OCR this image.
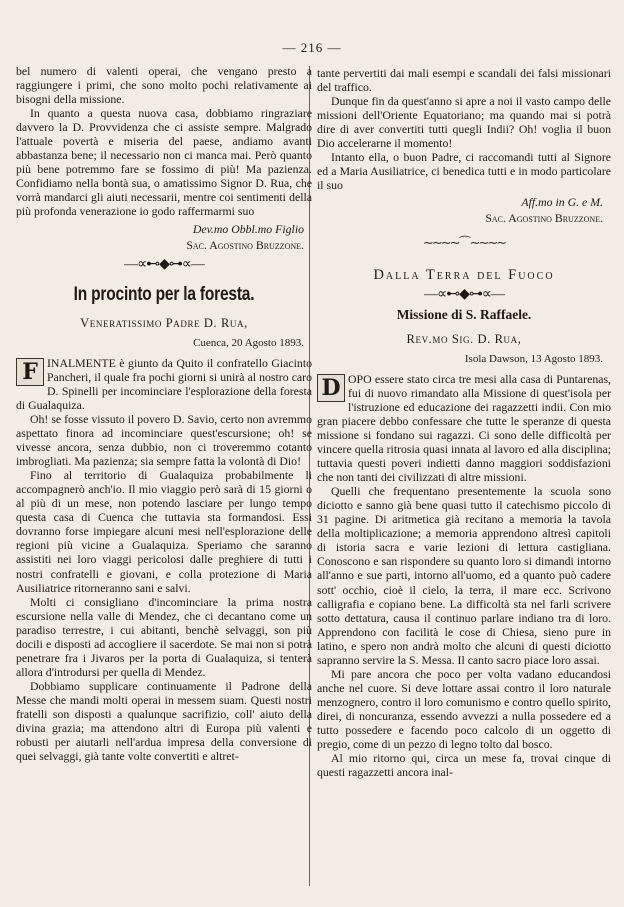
— 216 —

bel numero di valenti operai, che vengano presto a raggiungere i primi, che sono molto pochi relativamente ai bisogni della missione.

In quanto a questa nuova casa, dobbiamo ringraziare davvero la D. Provvidenza che ci assiste sempre. Malgrado l'attuale povertà e miseria del paese, andiamo avanti abbastanza bene; il necessario non ci manca mai. Però quanto più bene potremmo fare se fossimo di più! Ma pazienza. Confidiamo nella bontà sua, o amatissimo Signor D. Rua, che vorrà mandarci gli aiuti necessarii, mentre coi sentimenti della più profonda venerazione io godo raffermarmi suo

Dev.mo Obbl.mo Figlio
Sac. Agostino Bruzzone.
—∝⊷◆⊶∝—
In procinto per la foresta.
Veneratissimo Padre D. Rua,
Cuenca, 20 Agosto 1893.

F INALMENTE è giunto da Quito il confratello Giacinto Pancheri, il quale fra pochi giorni si unirà al nostro caro D. Spinelli per incominciare l'esplorazione della foresta di Gualaquiza.

Oh! se fosse vissuto il povero D. Savio, certo non avremmo aspettato finora ad incominciare quest'escursione; oh! se vivesse ancora, senza dubbio, non ci troveremmo cotanto imbrogliati. Ma pazienza; sia sempre fatta la volontà di Dio!

Fino al territorio di Gualaquiza probabilmente li accompagnerò anch'io. Il mio viaggio però sarà di 15 giorni o al più di un mese, non potendo lasciare per lungo tempo questa casa di Cuenca che tuttavia sta formandosi. Essi dovranno forse impiegare alcuni mesi nell'esplorazione delle regioni più vicine a Gualaquiza. Speriamo che saranno assistiti nei loro viaggi pericolosi dalle preghiere di tutti i nostri confratelli e giovani, e colla protezione di Maria Ausiliatrice ritorneranno sani e salvi.

Molti ci consigliano d'incominciare la prima nostra escursione nella valle di Mendez, che ci decantano come un paradiso terrestre, i cui abitanti, benchè selvaggi, son più docili e disposti ad accogliere il sacerdote. Se mai non si potrà penetrare fra i Jivaros per la porta di Gualaquiza, si tenterà allora d'introdursi per quella di Mendez.

Dobbiamo supplicare continuamente il Padrone della Messe che mandi molti operai in messem suam. Questi nostri fratelli son disposti a qualunque sacrifizio, coll' aiuto della divina grazia; ma attendono altri di Europa più valenti e robusti per aiutarli nell'ardua impresa della conversione di quei selvaggi, già tante volte convertiti e altret-

tante pervertiti dai mali esempi e scandali dei falsi missionari del traffico.

Dunque fin da quest'anno si apre a noi il vasto campo delle missioni dell'Oriente Equatoriano; ma quando mai si potrà dire di aver convertiti tutti quegli Indii? Oh! voglia il buon Dio accelerarne il momento!

Intanto ella, o buon Padre, ci raccomandi tutti al Signore ed a Maria Ausiliatrice, ci benedica tutti e in modo particolare il suo

Aff.mo in G. e M.
Sac. Agostino Bruzzone.
∼∼∼∼⌒∼∼∼∼
Dalla Terra del Fuoco
—∝⊷◆⊶∝—
Missione di S. Raffaele.
Rev.mo Sig. D. Rua,
Isola Dawson, 13 Agosto 1893.

D OPO essere stato circa tre mesi alla casa di Puntarenas, fui di nuovo rimandato alla Missione di quest'isola per l'istruzione ed educazione dei ragazzetti indii. Con mio gran piacere debbo confessare che tutte le speranze di questa missione si fondano sui ragazzi. Ci sono delle difficoltà per vincere quella ritrosia quasi innata al lavoro ed alla disciplina; tuttavia questi poveri indietti danno maggiori soddisfazioni che non tanti dei civilizzati di altre missioni.

Quelli che frequentano presentemente la scuola sono diciotto e sanno già bene quasi tutto il catechismo piccolo di 31 pagine. Di aritmetica già recitano a memoria la tavola della moltiplicazione; a memoria apprendono altresì capitoli di istoria sacra e varie lezioni di lettura castigliana. Conoscono e san rispondere su quanto loro si dimandi intorno all'anno e sue parti, intorno all'uomo, ed a quanto può cadere sott' occhio, cioè il cielo, la terra, il mare ecc. Scrivono calligrafia e copiano bene. La difficoltà sta nel farli scrivere sotto dettatura, causa il continuo parlare indiano tra di loro. Apprendono con facilità le cose di Chiesa, sieno pure in latino, e spero non andrà molto che alcuni di questi diciotto sapranno servire la S. Messa. Il canto sacro piace loro assai.

Mi pare ancora che poco per volta vadano educandosi anche nel cuore. Si deve lottare assai contro il loro naturale menzognero, contro il loro comunismo e contro quello spirito, direi, di noncuranza, essendo avvezzi a nulla possedere ed a tutto possedere e facendo poco calcolo di un oggetto di pregio, come di un pezzo di legno tolto dal bosco.

Al mio ritorno qui, circa un mese fa, trovai cinque di questi ragazzetti ancora inal-
